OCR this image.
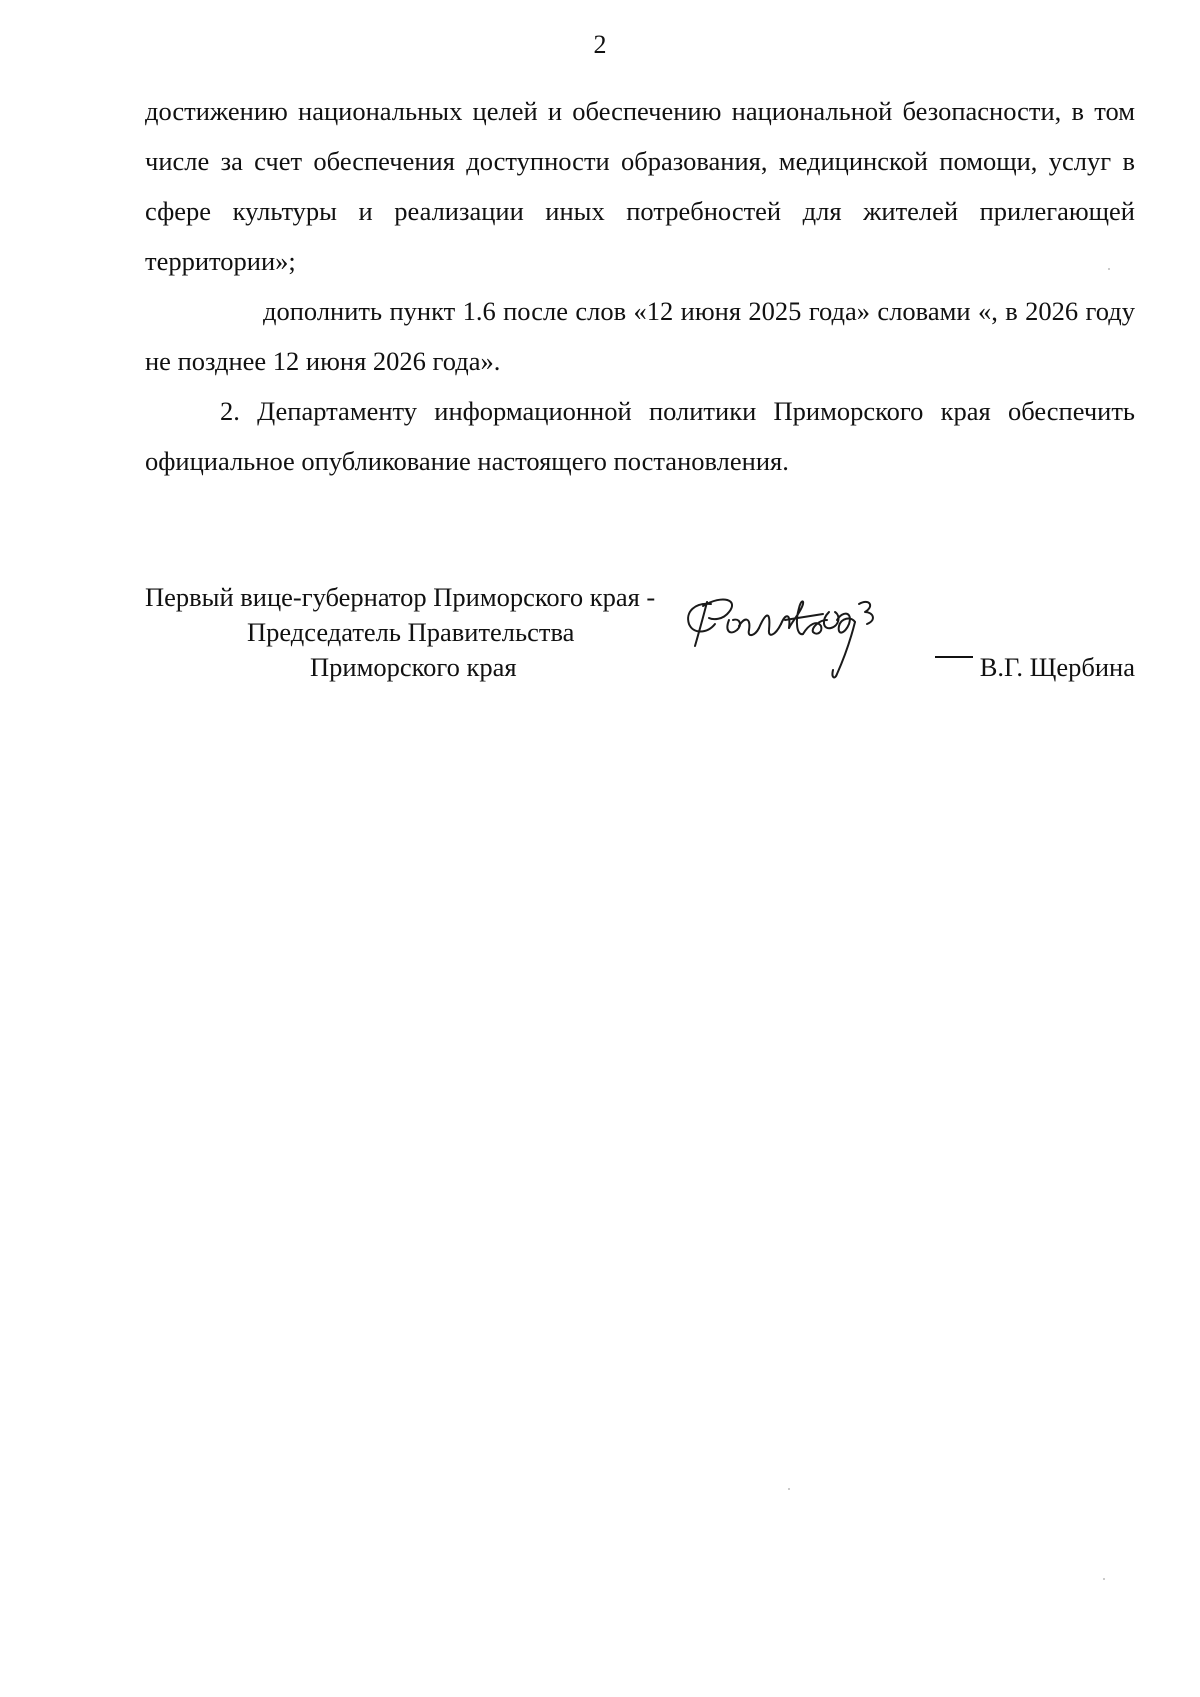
2

достижению национальных целей и обеспечению национальной безопасности, в том числе за счет обеспечения доступности образования, медицинской помощи, услуг в сфере культуры и реализации иных потребностей для жителей прилегающей территории»;

дополнить пункт 1.6 после слов «12 июня 2025 года» словами «, в 2026 году не позднее 12 июня 2026 года».

2. Департаменту информационной политики Приморского края обеспечить официальное опубликование настоящего постановления.

Первый вице-губернатор Приморского края -
Председатель Правительства
Приморского края	В.Г. Щербина
